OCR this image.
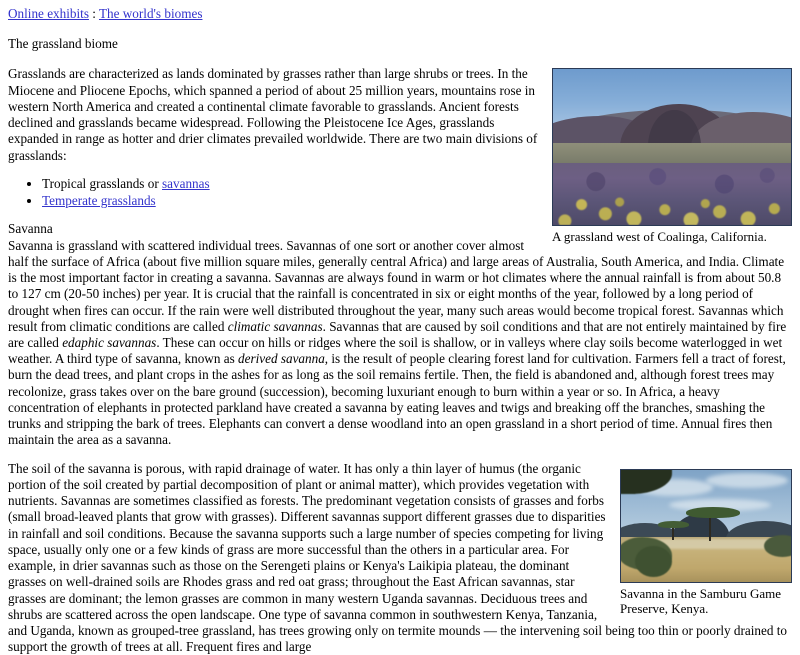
Online exhibits : The world's biomes
The grassland biome
A grassland west of Coalinga, California.

Grasslands are characterized as lands dominated by grasses rather than large shrubs or trees. In the Miocene and Pliocene Epochs, which spanned a period of about 25 million years, mountains rose in western North America and created a continental climate favorable to grasslands. Ancient forests declined and grasslands became widespread. Following the Pleistocene Ice Ages, grasslands expanded in range as hotter and drier climates prevailed worldwide. There are two main divisions of grasslands:

• Tropical grasslands or savannas
• Temperate grasslands
Savanna

Savanna is grassland with scattered individual trees. Savannas of one sort or another cover almost half the surface of Africa (about five million square miles, generally central Africa) and large areas of Australia, South America, and India. Climate is the most important factor in creating a savanna. Savannas are always found in warm or hot climates where the annual rainfall is from about 50.8 to 127 cm (20-50 inches) per year. It is crucial that the rainfall is concentrated in six or eight months of the year, followed by a long period of drought when fires can occur. If the rain were well distributed throughout the year, many such areas would become tropical forest. Savannas which result from climatic conditions are called climatic savannas. Savannas that are caused by soil conditions and that are not entirely maintained by fire are called edaphic savannas. These can occur on hills or ridges where the soil is shallow, or in valleys where clay soils become waterlogged in wet weather. A third type of savanna, known as derived savanna, is the result of people clearing forest land for cultivation. Farmers fell a tract of forest, burn the dead trees, and plant crops in the ashes for as long as the soil remains fertile. Then, the field is abandoned and, although forest trees may recolonize, grass takes over on the bare ground (succession), becoming luxuriant enough to burn within a year or so. In Africa, a heavy concentration of elephants in protected parkland have created a savanna by eating leaves and twigs and breaking off the branches, smashing the trunks and stripping the bark of trees. Elephants can convert a dense woodland into an open grassland in a short period of time. Annual fires then maintain the area as a savanna.

Savanna in the Samburu Game Preserve, Kenya.

The soil of the savanna is porous, with rapid drainage of water. It has only a thin layer of humus (the organic portion of the soil created by partial decomposition of plant or animal matter), which provides vegetation with nutrients. Savannas are sometimes classified as forests. The predominant vegetation consists of grasses and forbs (small broad-leaved plants that grow with grasses). Different savannas support different grasses due to disparities in rainfall and soil conditions. Because the savanna supports such a large number of species competing for living space, usually only one or a few kinds of grass are more successful than the others in a particular area. For example, in drier savannas such as those on the Serengeti plains or Kenya's Laikipia plateau, the dominant grasses on well-drained soils are Rhodes grass and red oat grass; throughout the East African savannas, star grasses are dominant; the lemon grasses are common in many western Uganda savannas. Deciduous trees and shrubs are scattered across the open landscape. One type of savanna common in southwestern Kenya, Tanzania, and Uganda, known as grouped-tree grassland, has trees growing only on termite mounds — the intervening soil being too thin or poorly drained to support the growth of trees at all. Frequent fires and large
